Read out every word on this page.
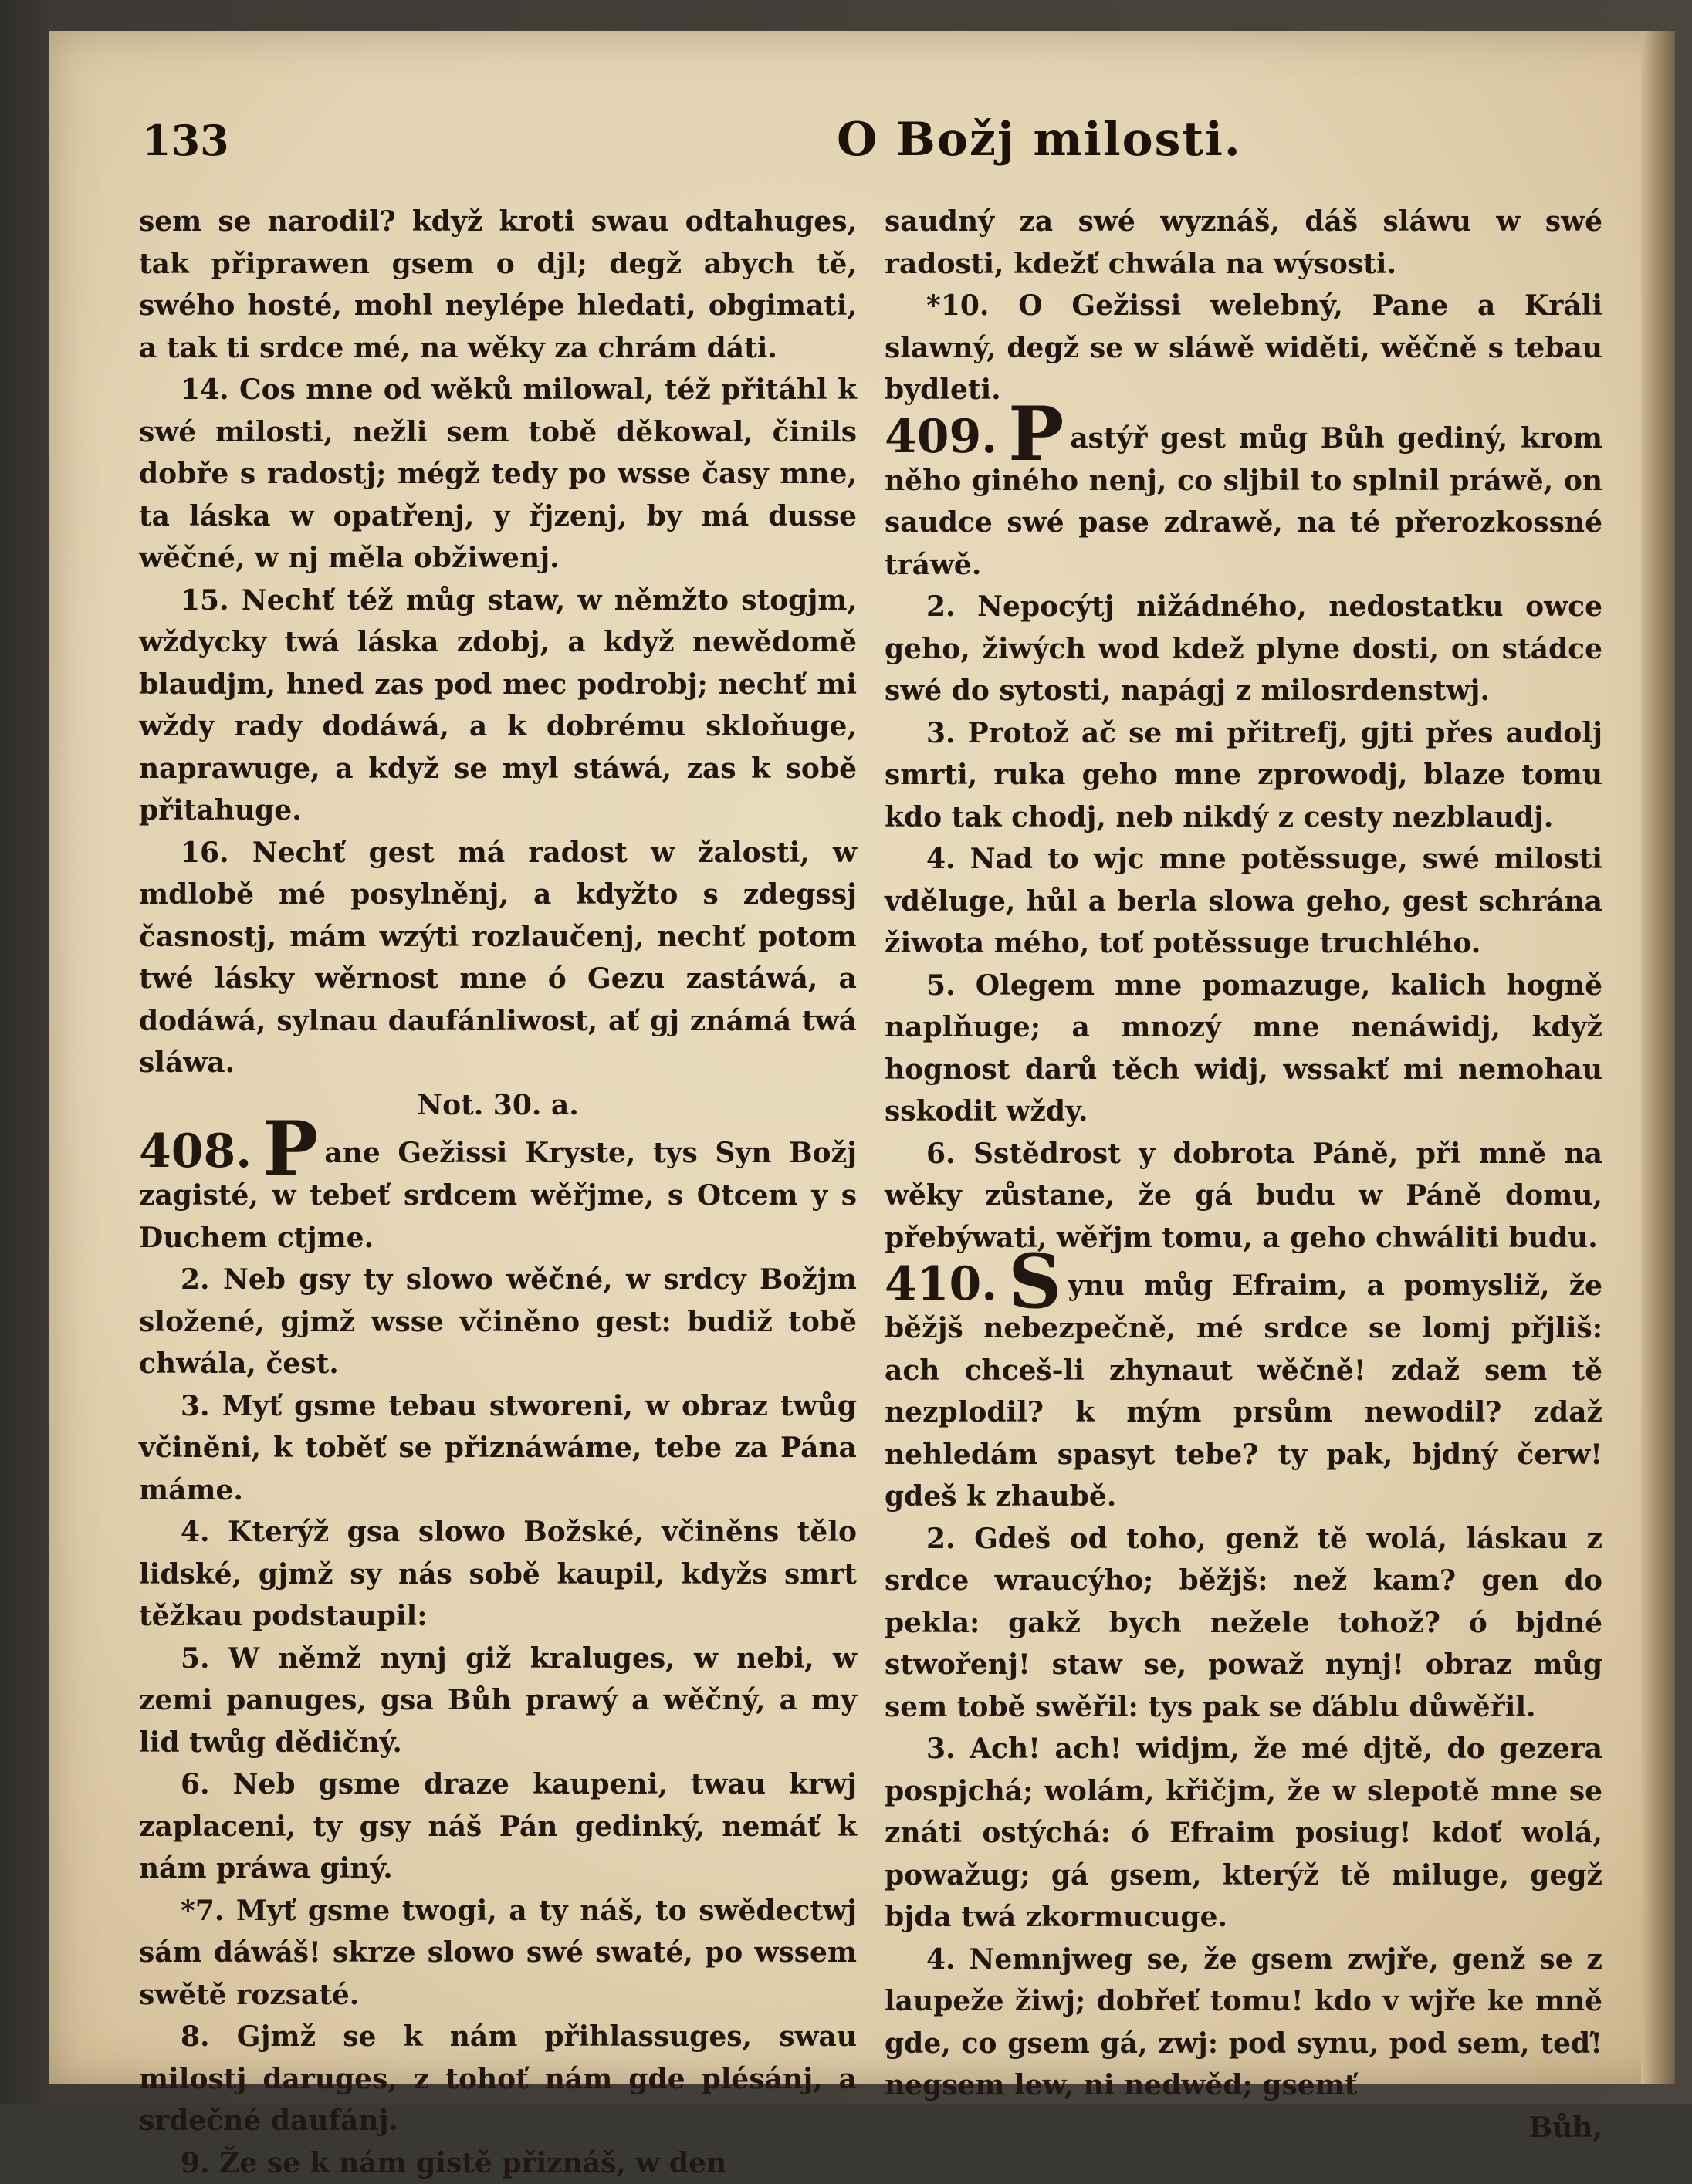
133	O Božj milosti.

sem se narodil? když kroti swau odtahuges, tak připrawen gsem o djl; degž abych tě, swého hosté, mohl neylépe hledati, obgimati, a tak ti srdce mé, na wěky za chrám dáti.

14. Cos mne od wěků milowal, též přitáhl k swé milosti, nežli sem tobě děkowal, činils dobře s radostj; mégž tedy po wsse časy mne, ta láska w opatřenj, y řjzenj, by má dusse wěčné, w nj měla obžiwenj.

15. Nechť též můg staw, w němžto stogjm, wždycky twá láska zdobj, a když newědomě blaudjm, hned zas pod mec podrobj; nechť mi wždy rady dodáwá, a k dobrému skloňuge, naprawuge, a když se myl stáwá, zas k sobě přitahuge.

16. Nechť gest má radost w žalosti, w mdlobě mé posylněnj, a kdyžto s zdegssj časnostj, mám wzýti rozlaučenj, nechť potom twé lásky wěrnost mne ó Gezu zastáwá, a dodáwá, sylnau daufánliwost, ať gj známá twá sláwa.

Not. 30. a.

408. P ane Gežissi Kryste, tys Syn Božj zagisté, w tebeť srdcem wěřjme, s Otcem y s Duchem ctjme.

2. Neb gsy ty slowo wěčné, w srdcy Božjm složené, gjmž wsse včiněno gest: budiž tobě chwála, čest.

3. Myť gsme tebau stworeni, w obraz twůg včiněni, k toběť se přiznáwáme, tebe za Pána máme.

4. Kterýž gsa slowo Božské, včiněns tělo lidské, gjmž sy nás sobě kaupil, kdyžs smrt těžkau podstaupil:

5. W němž nynj giž kraluges, w nebi, w zemi panuges, gsa Bůh prawý a wěčný, a my lid twůg dědičný.

6. Neb gsme draze kaupeni, twau krwj zaplaceni, ty gsy náš Pán gedinký, nemáť k nám práwa giný.

*7. Myť gsme twogi, a ty náš, to swědectwj sám dáwáš! skrze slowo swé swaté, po wssem swětě rozsaté.

8. Gjmž se k nám přihlassuges, swau milostj daruges, z tohoť nám gde plésánj, a srdečné daufánj.

9. Že se k nám gistě přiznáš, w den

saudný za swé wyznáš, dáš sláwu w swé radosti, kdežť chwála na wýsosti.

*10. O Gežissi welebný, Pane a Králi slawný, degž se w sláwě widěti, wěčně s tebau bydleti.

409. P astýř gest můg Bůh gediný, krom něho giného nenj, co sljbil to splnil práwě, on saudce swé pase zdrawě, na té přerozkossné tráwě.

2. Nepocýtj nižádného, nedostatku owce geho, žiwých wod kdež plyne dosti, on stádce swé do sytosti, napágj z milosrdenstwj.

3. Protož ač se mi přitrefj, gjti přes audolj smrti, ruka geho mne zprowodj, blaze tomu kdo tak chodj, neb nikdý z cesty nezblaudj.

4. Nad to wjc mne potěssuge, swé milosti vděluge, hůl a berla slowa geho, gest schrána žiwota mého, toť potěssuge truchlého.

5. Olegem mne pomazuge, kalich hogně naplňuge; a mnozý mne nenáwidj, když hognost darů těch widj, wssakť mi nemohau sskodit wždy.

6. Sstědrost y dobrota Páně, při mně na wěky zůstane, že gá budu w Páně domu, přebýwati, wěřjm tomu, a geho chwáliti budu.

410. S ynu můg Efraim, a pomysliž, že běžjš nebezpečně, mé srdce se lomj přjliš: ach chceš-li zhynaut wěčně! zdaž sem tě nezplodil? k mým prsům newodil? zdaž nehledám spasyt tebe? ty pak, bjdný čerw! gdeš k zhaubě.

2. Gdeš od toho, genž tě wolá, láskau z srdce wraucýho; běžjš: než kam? gen do pekla: gakž bych nežele tohož? ó bjdné stwořenj! staw se, powaž nynj! obraz můg sem tobě swěřil: tys pak se ďáblu důwěřil.

3. Ach! ach! widjm, že mé djtě, do gezera pospjchá; wolám, křičjm, že w slepotě mne se znáti ostýchá: ó Efraim posiug! kdoť wolá, powažug; gá gsem, kterýž tě miluge, gegž bjda twá zkormucuge.

4. Nemnjweg se, že gsem zwjře, genž se z laupeže žiwj; dobřeť tomu! kdo v wjře ke mně gde, co gsem gá, zwj: pod synu, pod sem, teď! negsem lew, ni nedwěd; gsemť

Bůh,
